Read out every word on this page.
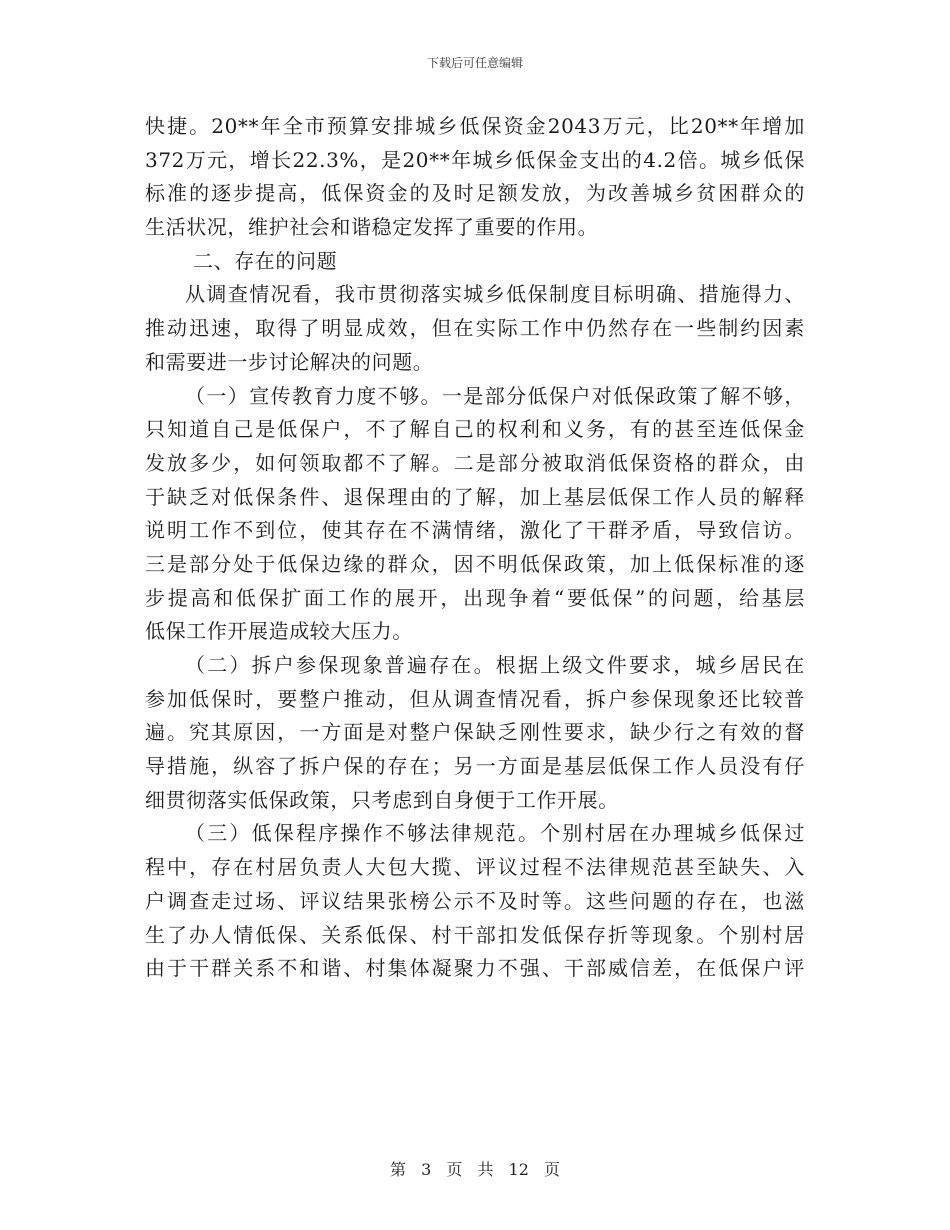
下载后可任意编辑
快捷。20**年全市预算安排城乡低保资金2043万元，比20**年增加
372万元，增长22.3%，是20**年城乡低保金支出的4.2倍。城乡低保
标准的逐步提高，低保资金的及时足额发放，为改善城乡贫困群众的
生活状况，维护社会和谐稳定发挥了重要的作用。
二、存在的问题
从调查情况看，我市贯彻落实城乡低保制度目标明确、措施得力、
推动迅速，取得了明显成效，但在实际工作中仍然存在一些制约因素
和需要进一步讨论解决的问题。
（一）宣传教育力度不够。一是部分低保户对低保政策了解不够，
只知道自己是低保户，不了解自己的权利和义务，有的甚至连低保金
发放多少，如何领取都不了解。二是部分被取消低保资格的群众，由
于缺乏对低保条件、退保理由的了解，加上基层低保工作人员的解释
说明工作不到位，使其存在不满情绪，激化了干群矛盾，导致信访。
三是部分处于低保边缘的群众，因不明低保政策，加上低保标准的逐
步提高和低保扩面工作的展开，出现争着“要低保”的问题，给基层
低保工作开展造成较大压力。
（二）拆户参保现象普遍存在。根据上级文件要求，城乡居民在
参加低保时，要整户推动，但从调查情况看，拆户参保现象还比较普
遍。究其原因，一方面是对整户保缺乏刚性要求，缺少行之有效的督
导措施，纵容了拆户保的存在；另一方面是基层低保工作人员没有仔
细贯彻落实低保政策，只考虑到自身便于工作开展。
（三）低保程序操作不够法律规范。个别村居在办理城乡低保过
程中，存在村居负责人大包大揽、评议过程不法律规范甚至缺失、入
户调查走过场、评议结果张榜公示不及时等。这些问题的存在，也滋
生了办人情低保、关系低保、村干部扣发低保存折等现象。个别村居
由于干群关系不和谐、村集体凝聚力不强、干部威信差，在低保户评
第 3 页 共 12 页
